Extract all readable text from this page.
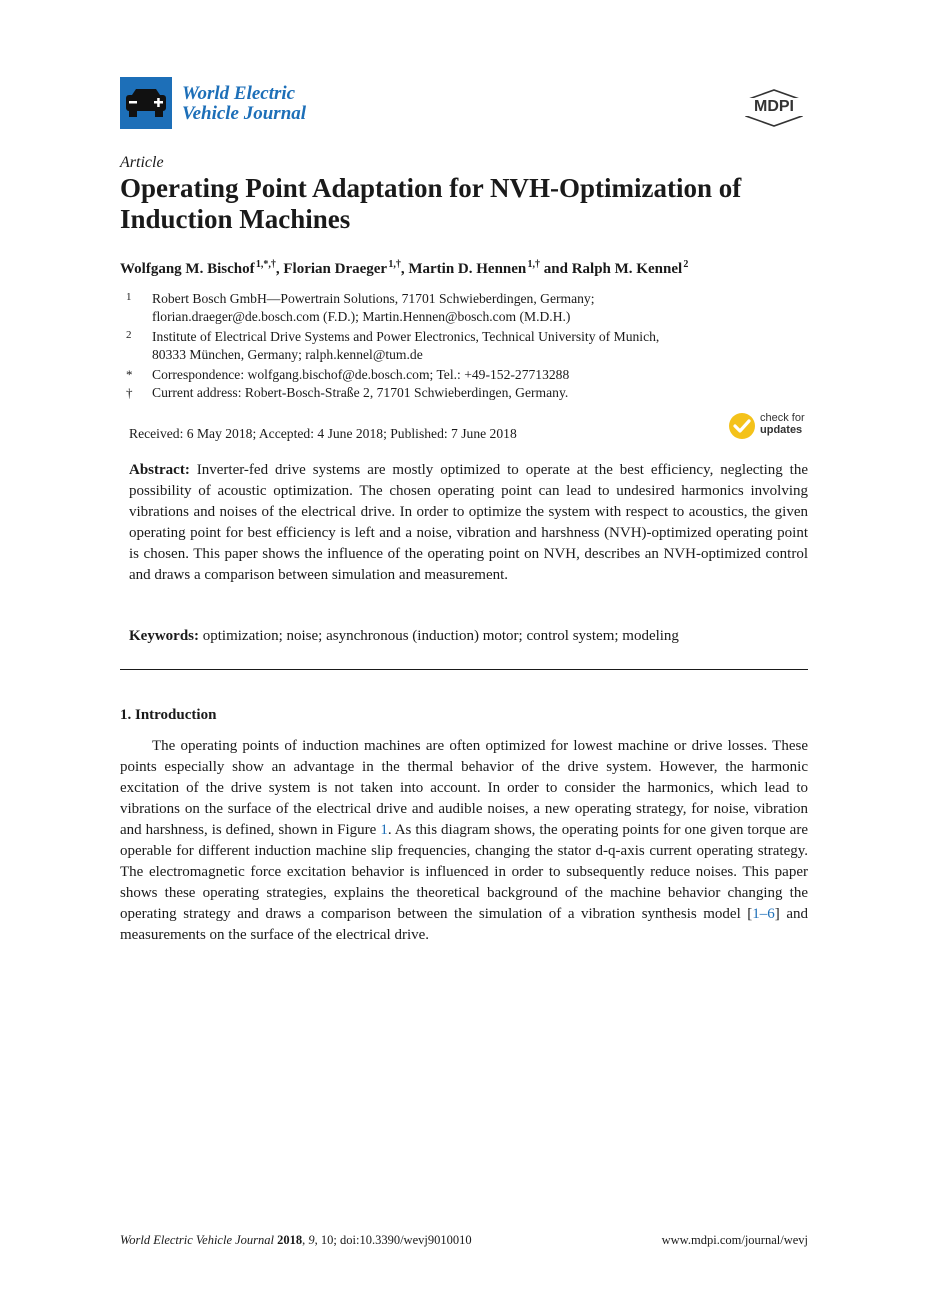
World Electric
Vehicle Journal	MDPI
Article
Operating Point Adaptation for NVH-Optimization of Induction Machines
Wolfgang M. Bischof $^{1,*,\dagger}$, Florian Draeger $^{1,\dagger}$, Martin D. Hennen $^{1,\dagger}$ and Ralph M. Kennel $^2$
1 Robert Bosch GmbH—Powertrain Solutions, 71701 Schwieberdingen, Germany;
florian.draeger@de.bosch.com (F.D.); Martin.Hennen@bosch.com (M.D.H.)
2 Institute of Electrical Drive Systems and Power Electronics, Technical University of Munich,
80333 München, Germany; ralph.kennel@tum.de
* Correspondence: wolfgang.bischof@de.bosch.com; Tel.: +49-152-27713288
† Current address: Robert-Bosch-Straße 2, 71701 Schwieberdingen, Germany.
Received: 6 May 2018; Accepted: 4 June 2018; Published: 7 June 2018
check for
updates
Abstract: Inverter-fed drive systems are mostly optimized to operate at the best efficiency, neglecting the possibility of acoustic optimization. The chosen operating point can lead to undesired harmonics involving vibrations and noises of the electrical drive. In order to optimize the system with respect to acoustics, the given operating point for best efficiency is left and a noise, vibration and harshness (NVH)-optimized operating point is chosen. This paper shows the influence of the operating point on NVH, describes an NVH-optimized control and draws a comparison between simulation and measurement.
Keywords: optimization; noise; asynchronous (induction) motor; control system; modeling
1. Introduction
The operating points of induction machines are often optimized for lowest machine or drive losses. These points especially show an advantage in the thermal behavior of the drive system. However, the harmonic excitation of the drive system is not taken into account. In order to consider the harmonics, which lead to vibrations on the surface of the electrical drive and audible noises, a new operating strategy, for noise, vibration and harshness, is defined, shown in Figure 1. As this diagram shows, the operating points for one given torque are operable for different induction machine slip frequencies, changing the stator d-q-axis current operating strategy. The electromagnetic force excitation behavior is influenced in order to subsequently reduce noises. This paper shows these operating strategies, explains the theoretical background of the machine behavior changing the operating strategy and draws a comparison between the simulation of a vibration synthesis model [1–6] and measurements on the surface of the electrical drive.
World Electric Vehicle Journal 2018, 9, 10; doi:10.3390/wevj9010010	www.mdpi.com/journal/wevj
